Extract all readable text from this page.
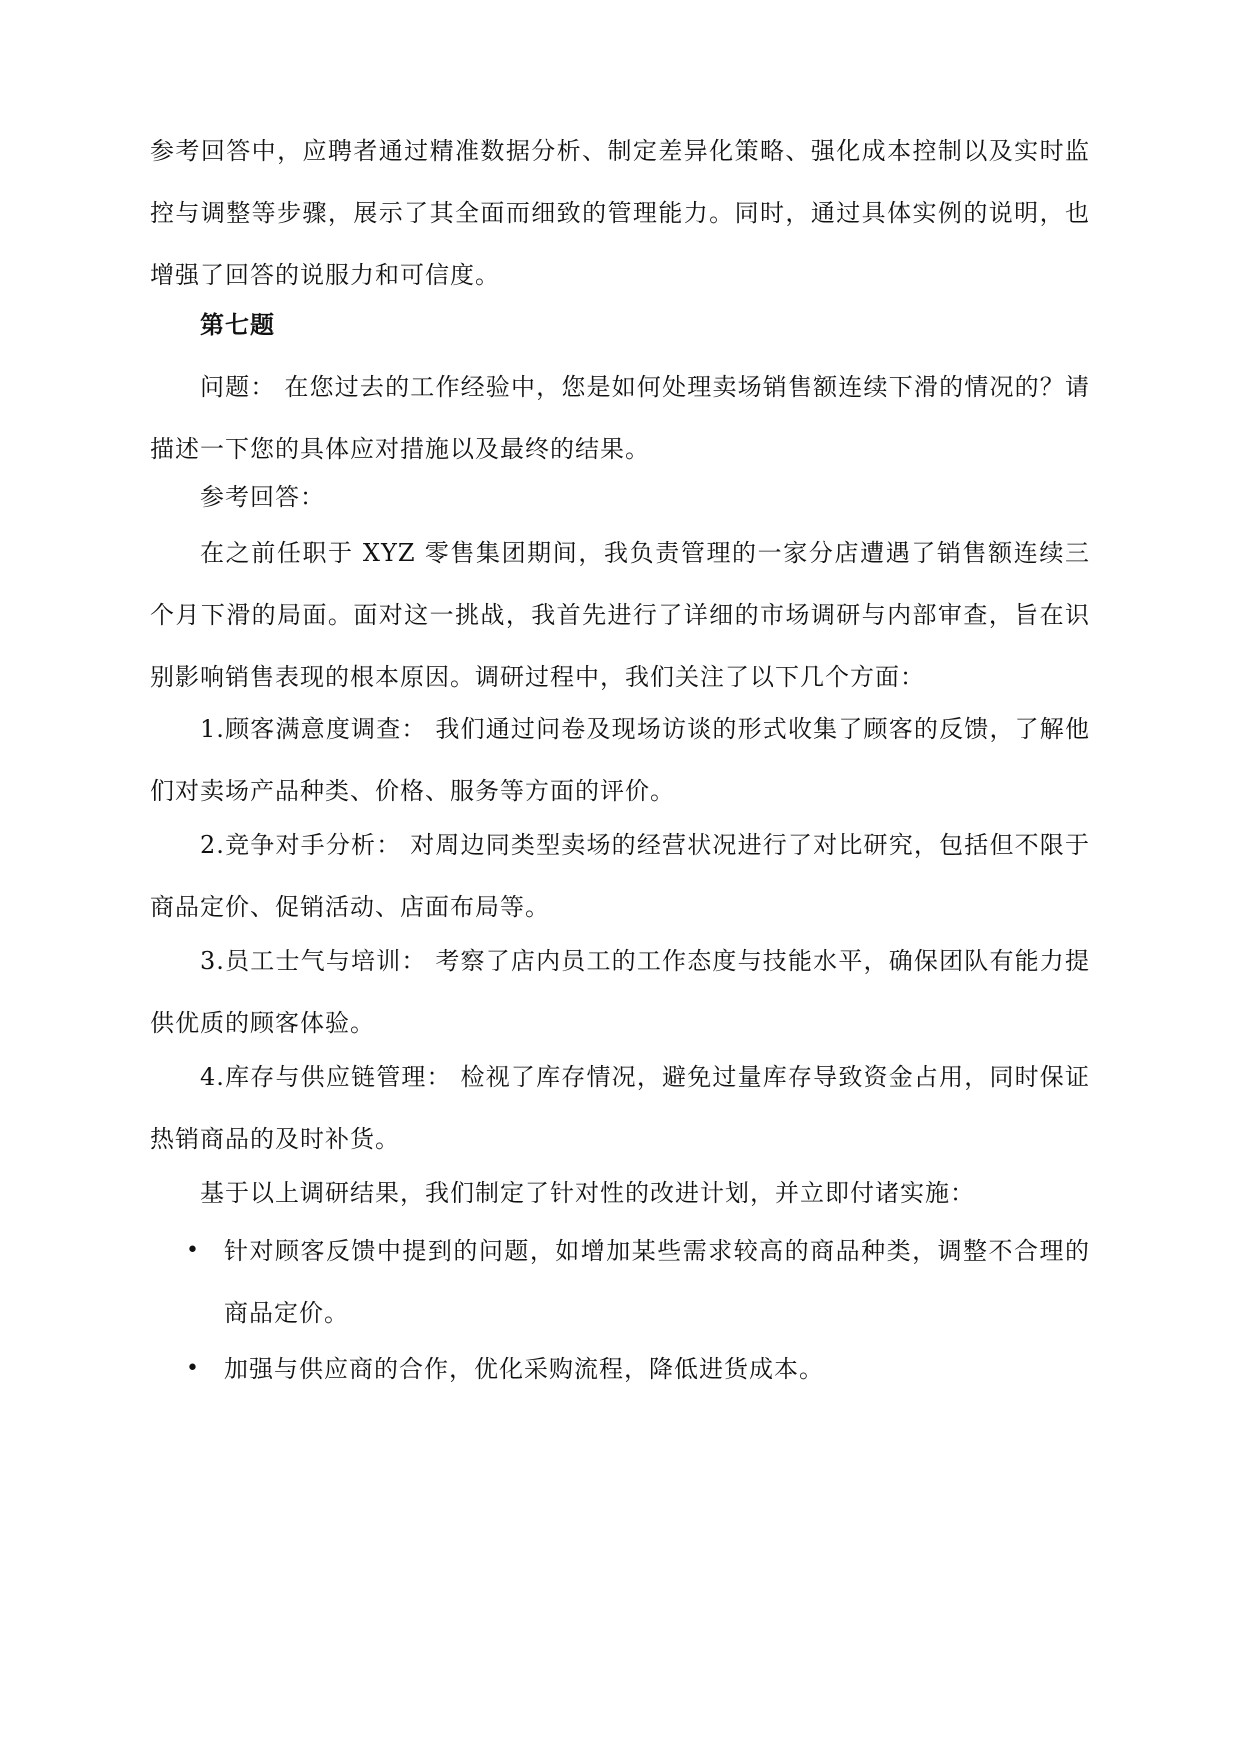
参考回答中，应聘者通过精准数据分析、制定差异化策略、强化成本控制以及实时监控与调整等步骤，展示了其全面而细致的管理能力。同时，通过具体实例的说明，也增强了回答的说服力和可信度。
第七题
问题： 在您过去的工作经验中，您是如何处理卖场销售额连续下滑的情况的？请描述一下您的具体应对措施以及最终的结果。
参考回答：
在之前任职于 XYZ 零售集团期间，我负责管理的一家分店遭遇了销售额连续三个月下滑的局面。面对这一挑战，我首先进行了详细的市场调研与内部审查，旨在识别影响销售表现的根本原因。调研过程中，我们关注了以下几个方面：
1.顾客满意度调查： 我们通过问卷及现场访谈的形式收集了顾客的反馈，了解他们对卖场产品种类、价格、服务等方面的评价。
2.竞争对手分析： 对周边同类型卖场的经营状况进行了对比研究，包括但不限于商品定价、促销活动、店面布局等。
3.员工士气与培训： 考察了店内员工的工作态度与技能水平，确保团队有能力提供优质的顾客体验。
4.库存与供应链管理： 检视了库存情况，避免过量库存导致资金占用，同时保证热销商品的及时补货。
基于以上调研结果，我们制定了针对性的改进计划，并立即付诸实施：
•	针对顾客反馈中提到的问题，如增加某些需求较高的商品种类，调整不合理的商品定价。
•	加强与供应商的合作，优化采购流程，降低进货成本。
